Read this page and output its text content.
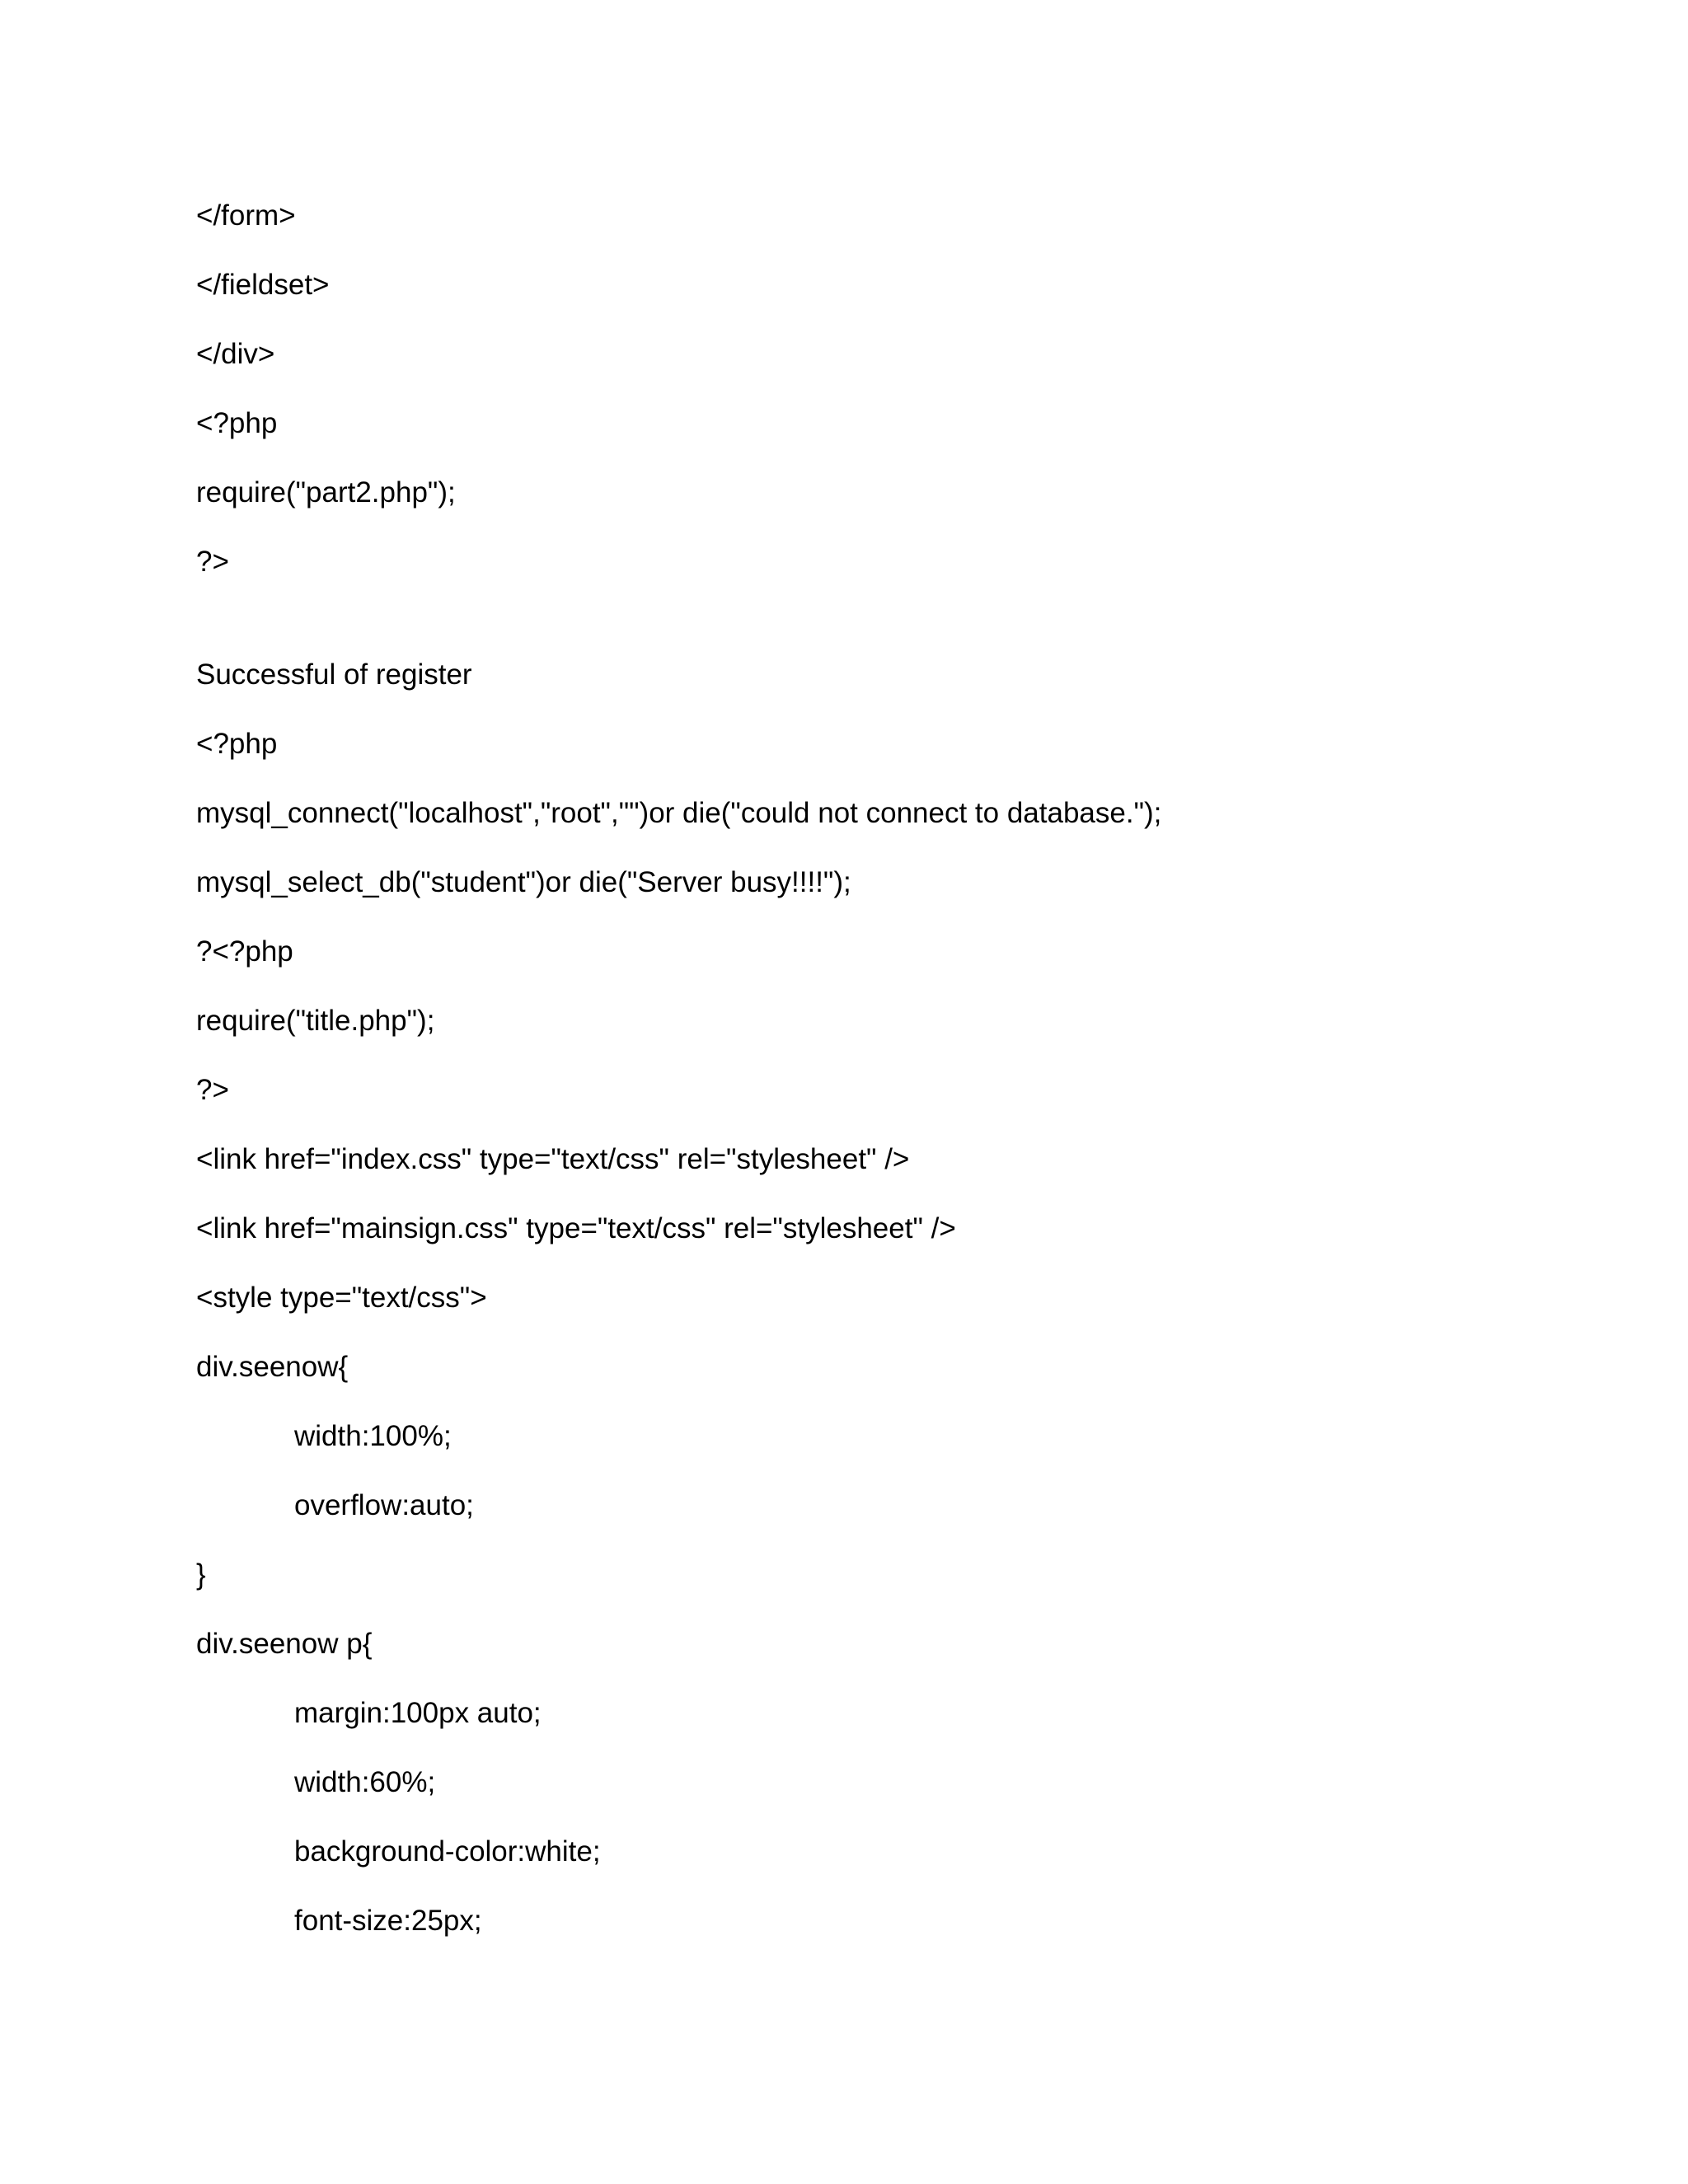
</form>
</fieldset>
</div>
<?php
require("part2.php");
?>
Successful of register
<?php
mysql_connect("localhost","root","")or die("could not connect to database.");
mysql_select_db("student")or die("Server busy!!!!");
?<?php
require("title.php");
?>
<link href="index.css" type="text/css" rel="stylesheet" />
<link href="mainsign.css" type="text/css" rel="stylesheet" />
<style type="text/css">
div.seenow{
width:100%;
overflow:auto;
}
div.seenow p{
margin:100px auto;
width:60%;
background-color:white;
font-size:25px;
